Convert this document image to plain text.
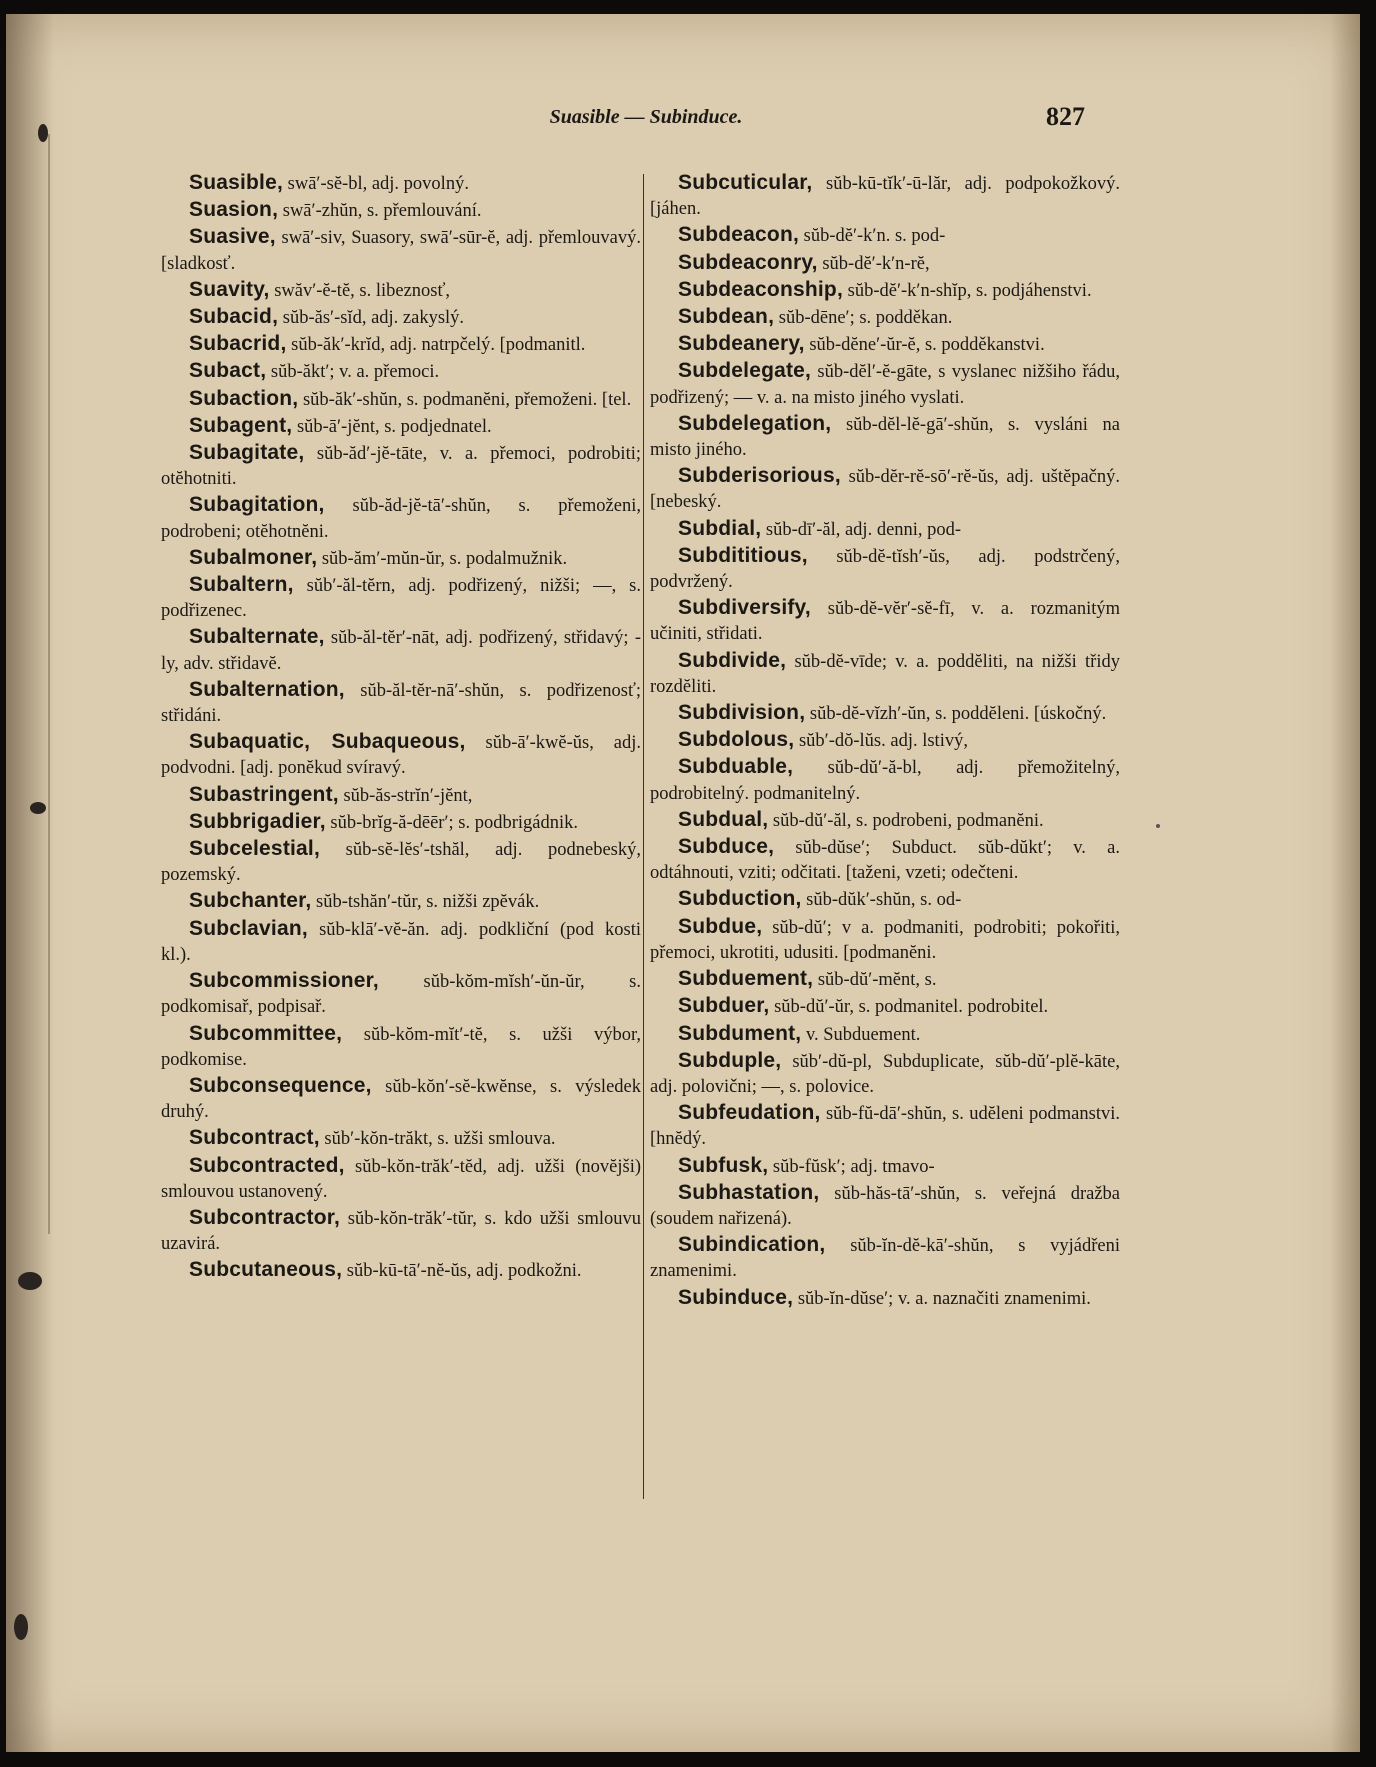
Suasible — Subinduce.	827

Suasible, swā′-sĕ-bl, adj. povolný.

Suasion, swā′-zhŭn, s. přemlouvání.

Suasive, swā′-siv, Suasory, swā′-sūr-ĕ, adj. přemlouvavý. [sladkosť.

Suavity, swăv′-ĕ-tĕ, s. libeznosť,

Subacid, sŭb-ăs′-sĭd, adj. zakyslý.

Subacrid, sŭb-ăk′-krĭd, adj. natrpčelý. [podmanitl.

Subact, sŭb-ăkt′; v. a. přemoci.

Subaction, sŭb-ăk′-shŭn, s. podmanĕni, přemoženi. [tel.

Subagent, sŭb-ā′-jĕnt, s. podjednatel.

Subagitate, sŭb-ăd′-jĕ-tāte, v. a. přemoci, podrobiti; otĕhotniti.

Subagitation, sŭb-ăd-jĕ-tā′-shŭn, s. přemoženi, podrobeni; otĕhotnĕni.

Subalmoner, sŭb-ăm′-mŭn-ŭr, s. podalmužnik.

Subaltern, sŭb′-ăl-tĕrn, adj. podřizený, nižši; —, s. podřizenec.

Subalternate, sŭb-ăl-tĕr′-nāt, adj. podřizený, střidavý; -ly, adv. střidavĕ.

Subalternation, sŭb-ăl-tĕr-nā′-shŭn, s. podřizenosť; střidáni.

Subaquatic, Subaqueous, sŭb-ā′-kwĕ-ŭs, adj. podvodni. [adj. ponĕkud svíravý.

Subastringent, sŭb-ăs-strĭn′-jĕnt,

Subbrigadier, sŭb-brĭg-ă-dēēr′; s. podbrigádnik.

Subcelestial, sŭb-sĕ-lĕs′-tshăl, adj. podnebeský, pozemský.

Subchanter, sŭb-tshăn′-tŭr, s. nižši zpĕvák.

Subclavian, sŭb-klā′-vĕ-ăn. adj. podkliční (pod kosti kl.).

Subcommissioner, sŭb-kŏm-mĭsh′-ŭn-ŭr, s. podkomisař, podpisař.

Subcommittee, sŭb-kŏm-mĭt′-tĕ, s. užši výbor, podkomise.

Subconsequence, sŭb-kŏn′-sĕ-kwĕnse, s. výsledek druhý.

Subcontract, sŭb′-kŏn-trăkt, s. užši smlouva.

Subcontracted, sŭb-kŏn-trăk′-tĕd, adj. užši (novĕjši) smlouvou ustanovený.

Subcontractor, sŭb-kŏn-trăk′-tŭr, s. kdo užši smlouvu uzavirá.

Subcutaneous, sŭb-kū-tā′-nĕ-ŭs, adj. podkožni.

Subcuticular, sŭb-kū-tĭk′-ū-lăr, adj. podpokožkový. [jáhen.

Subdeacon, sŭb-dĕ′-k′n. s. pod-

Subdeaconry, sŭb-dĕ′-k′n-rĕ,

Subdeaconship, sŭb-dĕ′-k′n-shĭp, s. podjáhenstvi.

Subdean, sŭb-dēne′; s. podděkan.

Subdeanery, sŭb-dĕne′-ŭr-ĕ, s. podděkanstvi.

Subdelegate, sŭb-dĕl′-ĕ-gāte, s vyslanec nižšiho řádu, podřizený; — v. a. na misto jiného vyslati.

Subdelegation, sŭb-dĕl-lĕ-gā′-shŭn, s. vysláni na misto jiného.

Subderisorious, sŭb-dĕr-rĕ-sō′-rĕ-ŭs, adj. uštĕpačný. [nebeský.

Subdial, sŭb-dī′-ăl, adj. denni, pod-

Subdititious, sŭb-dĕ-tĭsh′-ŭs, adj. podstrčený, podvržený.

Subdiversify, sŭb-dĕ-vĕr′-sĕ-fī, v. a. rozmanitým učiniti, střidati.

Subdivide, sŭb-dĕ-vīde; v. a. poddĕliti, na nižši třidy rozdĕliti.

Subdivision, sŭb-dĕ-vĭzh′-ŭn, s. poddĕleni. [úskočný.

Subdolous, sŭb′-dŏ-lŭs. adj. lstivý,

Subduable, sŭb-dŭ′-ă-bl, adj. přemožitelný, podrobitelný. podmanitelný.

Subdual, sŭb-dŭ′-ăl, s. podrobeni, podmanĕni.

Subduce, sŭb-dŭse′; Subduct. sŭb-dŭkt′; v. a. odtáhnouti, vziti; odčitati. [taženi, vzeti; odečteni.

Subduction, sŭb-dŭk′-shŭn, s. od-

Subdue, sŭb-dŭ′; v a. podmaniti, podrobiti; pokořiti, přemoci, ukrotiti, udusiti. [podmanĕni.

Subduement, sŭb-dŭ′-mĕnt, s.

Subduer, sŭb-dŭ′-ŭr, s. podmanitel. podrobitel.

Subdument, v. Subduement.

Subduple, sŭb′-dŭ-pl, Subduplicate, sŭb-dŭ′-plĕ-kāte, adj. polovični; —, s. polovice.

Subfeudation, sŭb-fŭ-dā′-shŭn, s. udĕleni podmanstvi. [hnĕdý.

Subfusk, sŭb-fŭsk′; adj. tmavo-

Subhastation, sŭb-hăs-tā′-shŭn, s. veřejná dražba (soudem nařizená).

Subindication, sŭb-ĭn-dĕ-kā′-shŭn, s vyjádřeni znamenimi.

Subinduce, sŭb-ĭn-dŭse′; v. a. naznačiti znamenimi.
